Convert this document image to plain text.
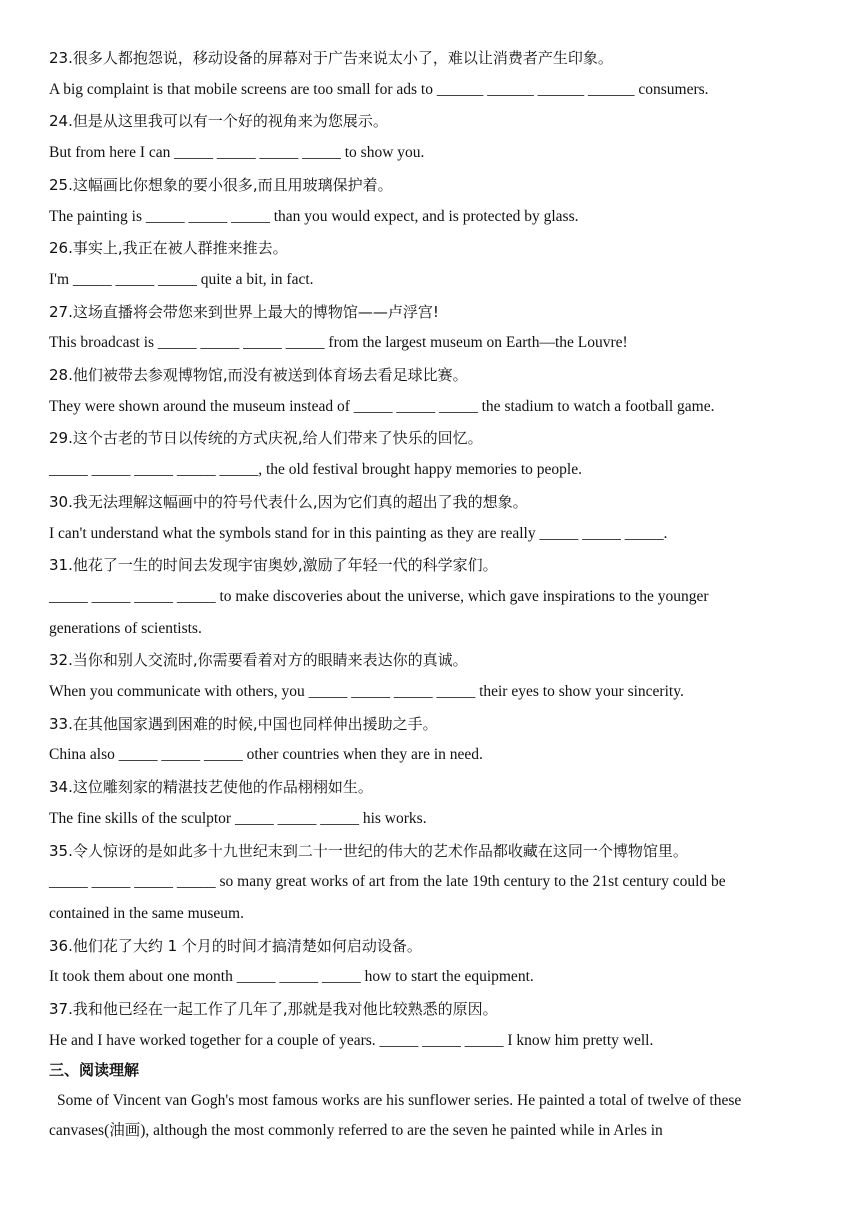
23.很多人都抱怨说，移动设备的屏幕对于广告来说太小了，难以让消费者产生印象。
A big complaint is that mobile screens are too small for ads to ______ ______ ______ ______ consumers.
24.但是从这里我可以有一个好的视角来为您展示。
But from here I can _____ _____ _____ _____ to show you.
25.这幅画比你想象的要小很多,而且用玻璃保护着。
The painting is _____ _____ _____ than you would expect, and is protected by glass.
26.事实上,我正在被人群推来推去。
I'm _____ _____ _____ quite a bit, in fact.
27.这场直播将会带您来到世界上最大的博物馆——卢浮宫!
This broadcast is _____ _____ _____ _____ from the largest museum on Earth—the Louvre!
28.他们被带去参观博物馆,而没有被送到体育场去看足球比赛。
They were shown around the museum instead of _____ _____ _____ the stadium to watch a football game.
29.这个古老的节日以传统的方式庆祝,给人们带来了快乐的回忆。
_____ _____ _____ _____ _____, the old festival brought happy memories to people.
30.我无法理解这幅画中的符号代表什么,因为它们真的超出了我的想象。
I can't understand what the symbols stand for in this painting as they are really _____ _____ _____.
31.他花了一生的时间去发现宇宙奥妙,激励了年轻一代的科学家们。
_____ _____ _____ _____ to make discoveries about the universe, which gave inspirations to the younger
generations of scientists.
32.当你和别人交流时,你需要看着对方的眼睛来表达你的真诚。
When you communicate with others, you _____ _____ _____ _____ their eyes to show your sincerity.
33.在其他国家遇到困难的时候,中国也同样伸出援助之手。
China also _____ _____ _____ other countries when they are in need.
34.这位雕刻家的精湛技艺使他的作品栩栩如生。
The fine skills of the sculptor _____ _____ _____ his works.
35.令人惊讶的是如此多十九世纪末到二十一世纪的伟大的艺术作品都收藏在这同一个博物馆里。
_____ _____ _____ _____ so many great works of art from the late 19th century to the 21st century could be
contained in the same museum.
36.他们花了大约 1 个月的时间才搞清楚如何启动设备。
It took them about one month _____ _____ _____ how to start the equipment.
37.我和他已经在一起工作了几年了,那就是我对他比较熟悉的原因。
He and I have worked together for a couple of years. _____ _____ _____ I know him pretty well.
三、阅读理解
Some of Vincent van Gogh's most famous works are his sunflower series. He painted a total of twelve of these canvases(油画), although the most commonly referred to are the seven he painted while in Arles in
